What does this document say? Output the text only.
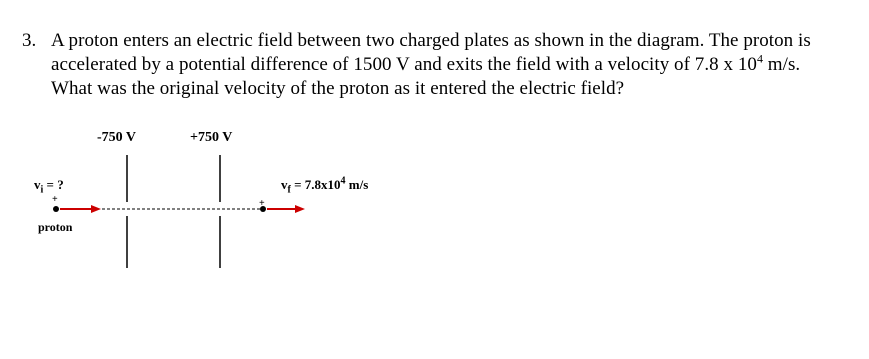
3. A proton enters an electric field between two charged plates as shown in the diagram. The proton is
accelerated by a potential difference of 1500 V and exits the field with a velocity of 7.8 x $10^4$ m/s.
What was the original velocity of the proton as it entered the electric field?
-750 V	+750 V
$v_i$ = ?
+	+
proton
$v_f = 7.8x10^4$ m/s
